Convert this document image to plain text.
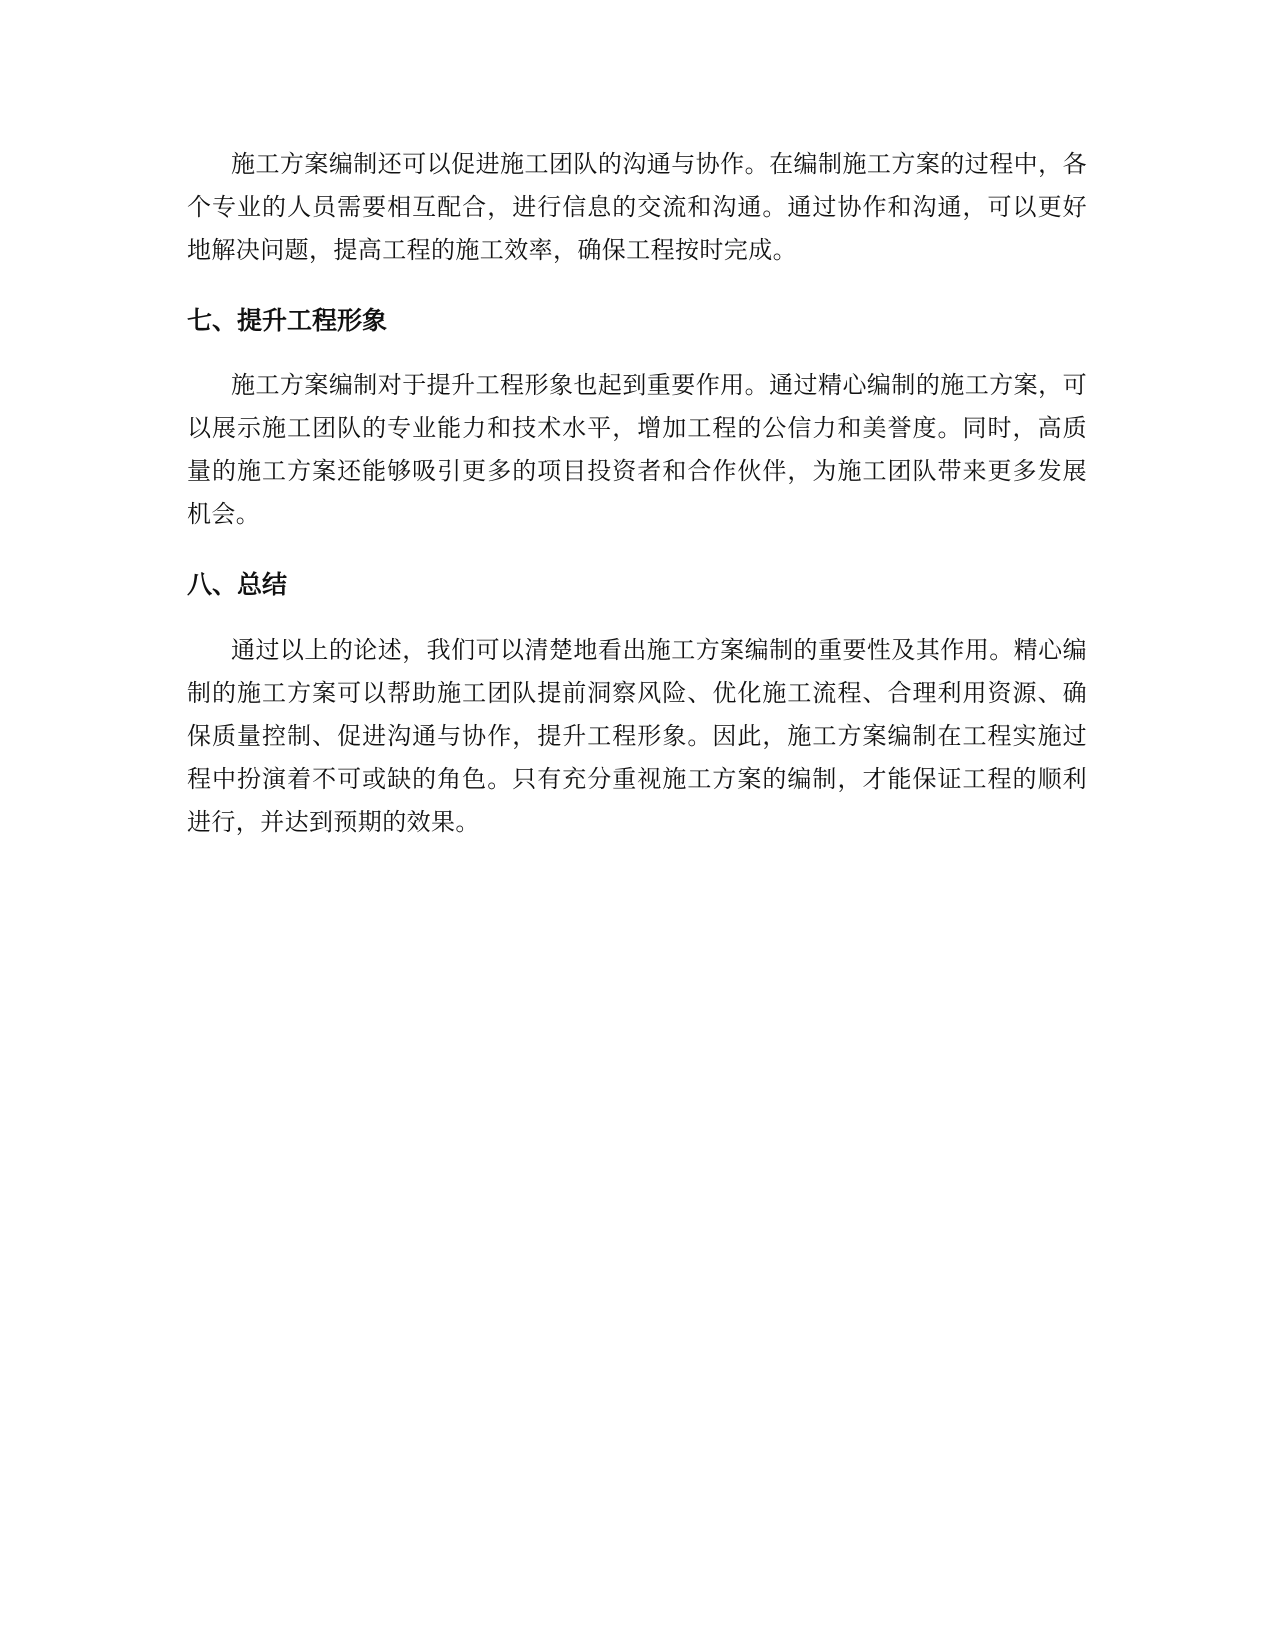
施工方案编制还可以促进施工团队的沟通与协作。在编制施工方案的过程中，各个专业的人员需要相互配合，进行信息的交流和沟通。通过协作和沟通，可以更好地解决问题，提高工程的施工效率，确保工程按时完成。

七、提升工程形象

施工方案编制对于提升工程形象也起到重要作用。通过精心编制的施工方案，可以展示施工团队的专业能力和技术水平，增加工程的公信力和美誉度。同时，高质量的施工方案还能够吸引更多的项目投资者和合作伙伴，为施工团队带来更多发展机会。

八、总结

通过以上的论述，我们可以清楚地看出施工方案编制的重要性及其作用。精心编制的施工方案可以帮助施工团队提前洞察风险、优化施工流程、合理利用资源、确保质量控制、促进沟通与协作，提升工程形象。因此，施工方案编制在工程实施过程中扮演着不可或缺的角色。只有充分重视施工方案的编制，才能保证工程的顺利进行，并达到预期的效果。
